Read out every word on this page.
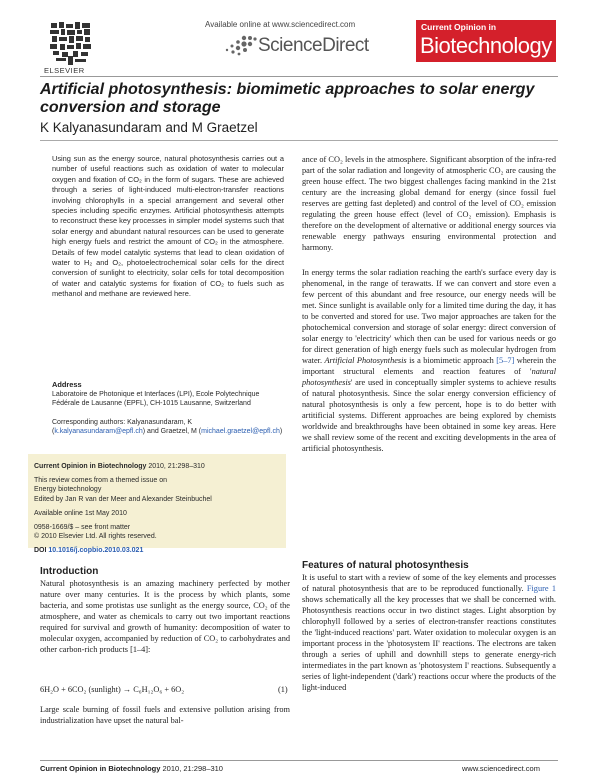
ELSEVIER
Available online at www.sciencedirect.com
ScienceDirect
Current Opinion in
Biotechnology
Artificial photosynthesis: biomimetic approaches to solar energy conversion and storage
K Kalyanasundaram and M Graetzel
Using sun as the energy source, natural photosynthesis carries out a number of useful reactions such as oxidation of water to molecular oxygen and fixation of CO₂ in the form of sugars. These are achieved through a series of light-induced multi-electron-transfer reactions involving chlorophylls in a special arrangement and several other species including specific enzymes. Artificial photosynthesis attempts to reconstruct these key processes in simpler model systems such that solar energy and abundant natural resources can be used to generate high energy fuels and restrict the amount of CO₂ in the atmosphere. Details of few model catalytic systems that lead to clean oxidation of water to H₂ and O₂, photoelectrochemical solar cells for the direct conversion of sunlight to electricity, solar cells for total decomposition of water and catalytic systems for fixation of CO₂ to fuels such as methanol and methane are reviewed here.
Address
Laboratoire de Photonique et Interfaces (LPI), Ecole Polytechnique Fédérale de Lausanne (EPFL), CH-1015 Lausanne, Switzerland
Corresponding authors: Kalyanasundaram, K (k.kalyanasundaram@epfl.ch) and Graetzel, M (michael.graetzel@epfl.ch)
Current Opinion in Biotechnology 2010, 21:298–310
This review comes from a themed issue on
Energy biotechnology
Edited by Jan R van der Meer and Alexander Steinbuchel
Available online 1st May 2010
0958-1669/$ – see front matter
© 2010 Elsevier Ltd. All rights reserved.
DOI 10.1016/j.copbio.2010.03.021
Introduction
Natural photosynthesis is an amazing machinery perfected by mother nature over many centuries. It is the process by which plants, some bacteria, and some protistas use sunlight as the energy source, CO₂ of the atmosphere, and water as chemicals to carry out two important reactions required for survival and growth of humanity: decomposition of water to molecular oxygen, accompanied by reduction of CO₂ to carbohydrates and other carbon-rich products [1–4]:
6H₂O + 6CO₂ (sunlight) → C₆H₁₂O₆ + 6O₂	(1)
Large scale burning of fossil fuels and extensive pollution arising from industrialization have upset the natural bal-
ance of CO₂ levels in the atmosphere. Significant absorption of the infra-red part of the solar radiation and longevity of atmospheric CO₂ are causing the green house effect. The two biggest challenges facing mankind in the 21st century are the increasing global demand for energy (since fossil fuel reserves are getting fast depleted) and control of the level of CO₂ emission regulating the green house effect (level of CO₂ emission). Emphasis is therefore on the development of alternative or additional energy sources via renewable energy pathways ensuring environmental protection and harmony.
In energy terms the solar radiation reaching the earth's surface every day is phenomenal, in the range of terawatts. If we can convert and store even a few percent of this abundant and free resource, our energy needs will be met. Since sunlight is available only for a limited time during the day, it has to be converted and stored for use. Two major approaches are taken for the photochemical conversion and storage of solar energy: direct conversion of solar energy to 'electricity' which then can be used for various needs or go for direct generation of high energy fuels such as molecular hydrogen from water. Artificial Photosynthesis is a biomimetic approach [5–7] wherein the important structural elements and reaction features of 'natural photosynthesis' are used in conceptually simpler systems to achieve results of natural photosynthesis. Since the solar energy conversion efficiency of natural photosynthesis is only a few percent, hope is to do better with artitificial systems. Different approaches are being explored by chemists worldwide and breakthroughs have been obtained in some key areas. Here we shall review some of the recent and exciting developments in the area of artificial photosynthesis.
Features of natural photosynthesis
It is useful to start with a review of some of the key elements and processes of natural photosynthesis that are to be reproduced functionally. Figure 1 shows schematically all the key processes that we shall be concerned with. Photosynthesis reactions occur in two distinct stages. Light absorption by chlorophyll followed by a series of electron-transfer reactions constitutes the 'light-induced reactions' part. Water oxidation to molecular oxygen is an important process in the 'photosystem II' reactions. The electrons are taken through a series of uphill and downhill steps to generate energy-rich intermediates in the part known as 'photosystem I' reactions. Subsequently a series of light-independent ('dark') reactions occur where the products of the light-induced
Current Opinion in Biotechnology 2010, 21:298–310	www.sciencedirect.com
